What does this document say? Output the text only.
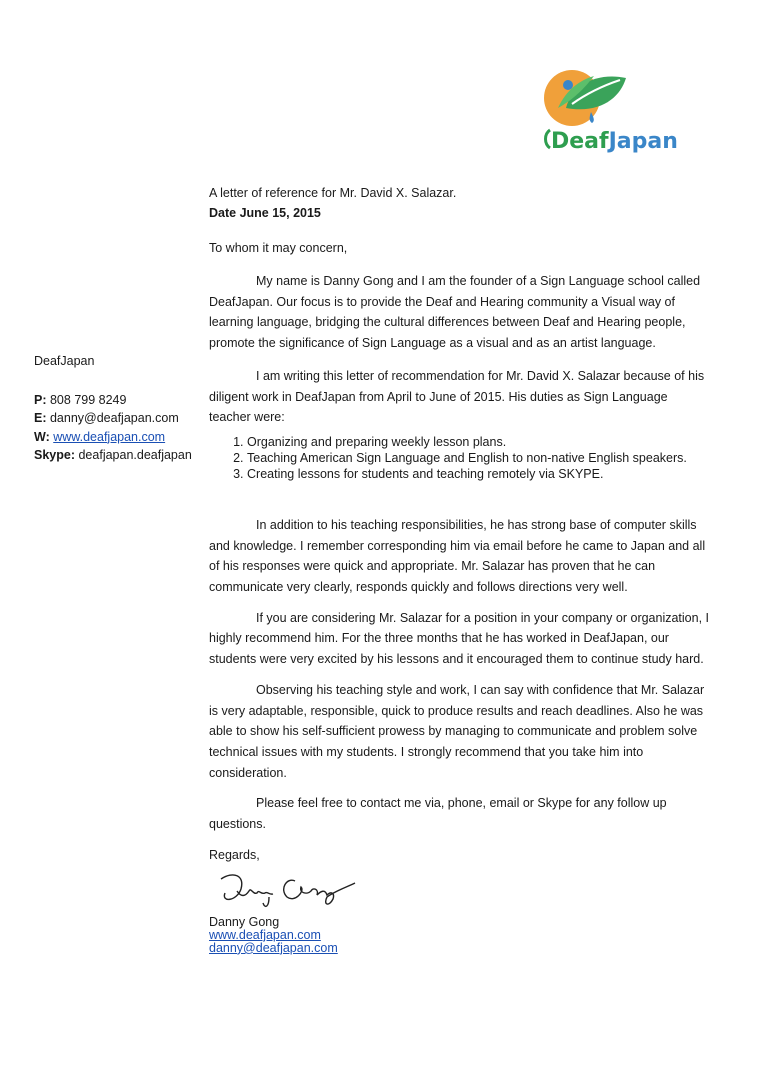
DeafJapan
DeafJapan
P: 808 799 8249
E: danny@deafjapan.com
W: www.deafjapan.com
Skype: deafjapan.deafjapan
A letter of reference for Mr. David X. Salazar.
Date June 15, 2015
To whom it may concern,
My name is Danny Gong and I am the founder of a Sign Language school called DeafJapan. Our focus is to provide the Deaf and Hearing community a Visual way of learning language, bridging the cultural differences between Deaf and Hearing people, promote the significance of Sign Language as a visual and as an artist language.
I am writing this letter of recommendation for Mr. David X. Salazar because of his diligent work in DeafJapan from April to June of 2015. His duties as Sign Language teacher were:
1. Organizing and preparing weekly lesson plans.
2. Teaching American Sign Language and English to non-native English speakers.
3. Creating lessons for students and teaching remotely via SKYPE.
In addition to his teaching responsibilities, he has strong base of computer skills and knowledge. I remember corresponding him via email before he came to Japan and all of his responses were quick and appropriate. Mr. Salazar has proven that he can communicate very clearly, responds quickly and follows directions very well.
If you are considering Mr. Salazar for a position in your company or organization, I highly recommend him. For the three months that he has worked in DeafJapan, our students were very excited by his lessons and it encouraged them to continue study hard.
Observing his teaching style and work, I can say with confidence that Mr. Salazar is very adaptable, responsible, quick to produce results and reach deadlines. Also he was able to show his self-sufficient prowess by managing to communicate and problem solve technical issues with my students. I strongly recommend that you take him into consideration.
Please feel free to contact me via, phone, email or Skype for any follow up questions.
Regards,
Danny Gong
www.deafjapan.com
danny@deafjapan.com
